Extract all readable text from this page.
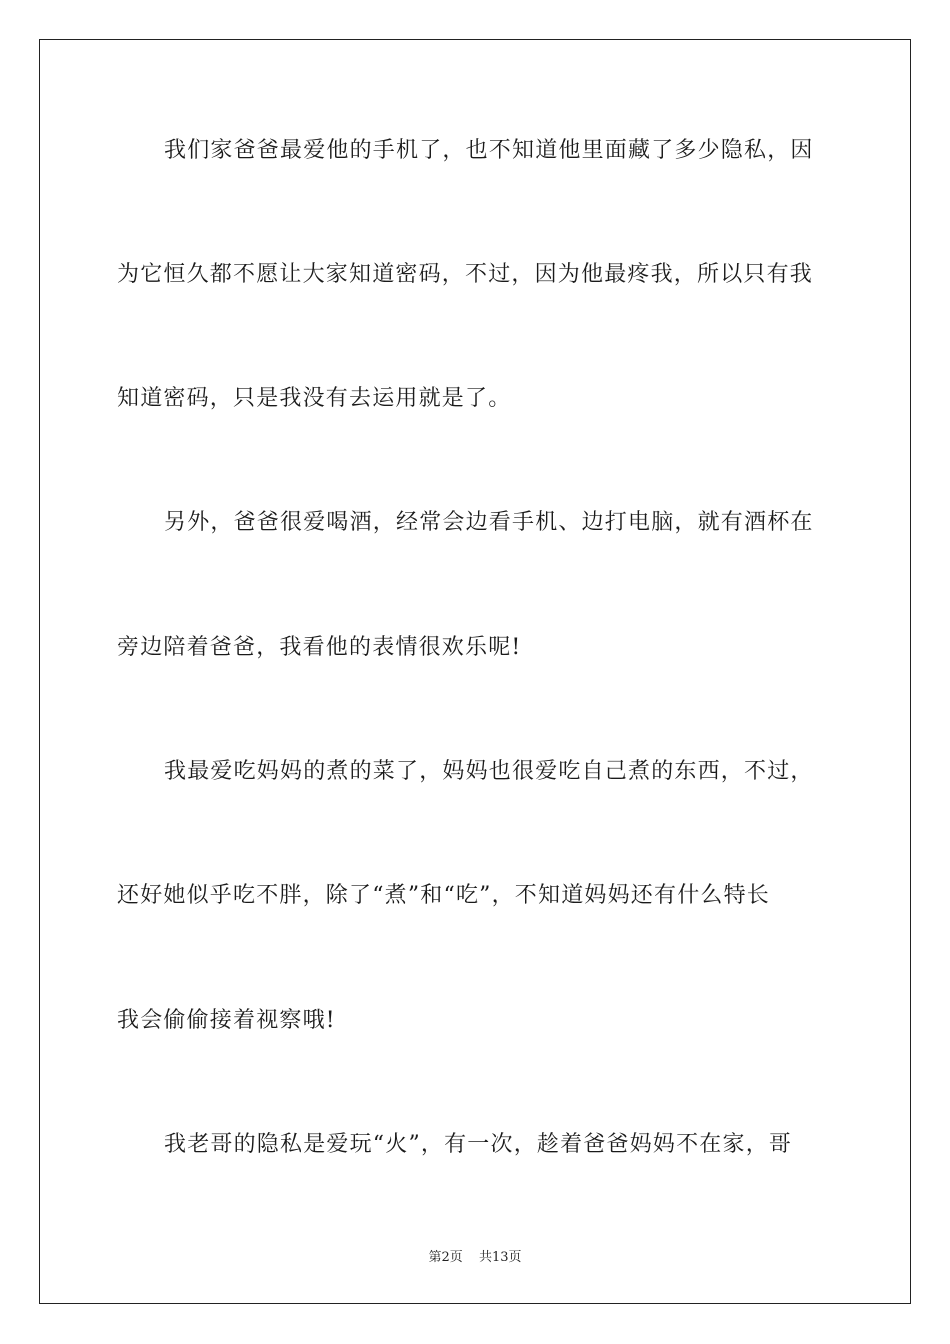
我们家爸爸最爱他的手机了，也不知道他里面藏了多少隐私，因
为它恒久都不愿让大家知道密码，不过，因为他最疼我，所以只有我
知道密码，只是我没有去运用就是了。
另外，爸爸很爱喝酒，经常会边看手机、边打电脑，就有酒杯在
旁边陪着爸爸，我看他的表情很欢乐呢!
我最爱吃妈妈的煮的菜了，妈妈也很爱吃自己煮的东西，不过，
还好她似乎吃不胖，除了“煮”和“吃”，不知道妈妈还有什么特长
我会偷偷接着视察哦!
我老哥的隐私是爱玩“火”，有一次，趁着爸爸妈妈不在家，哥
第2页 共13页
